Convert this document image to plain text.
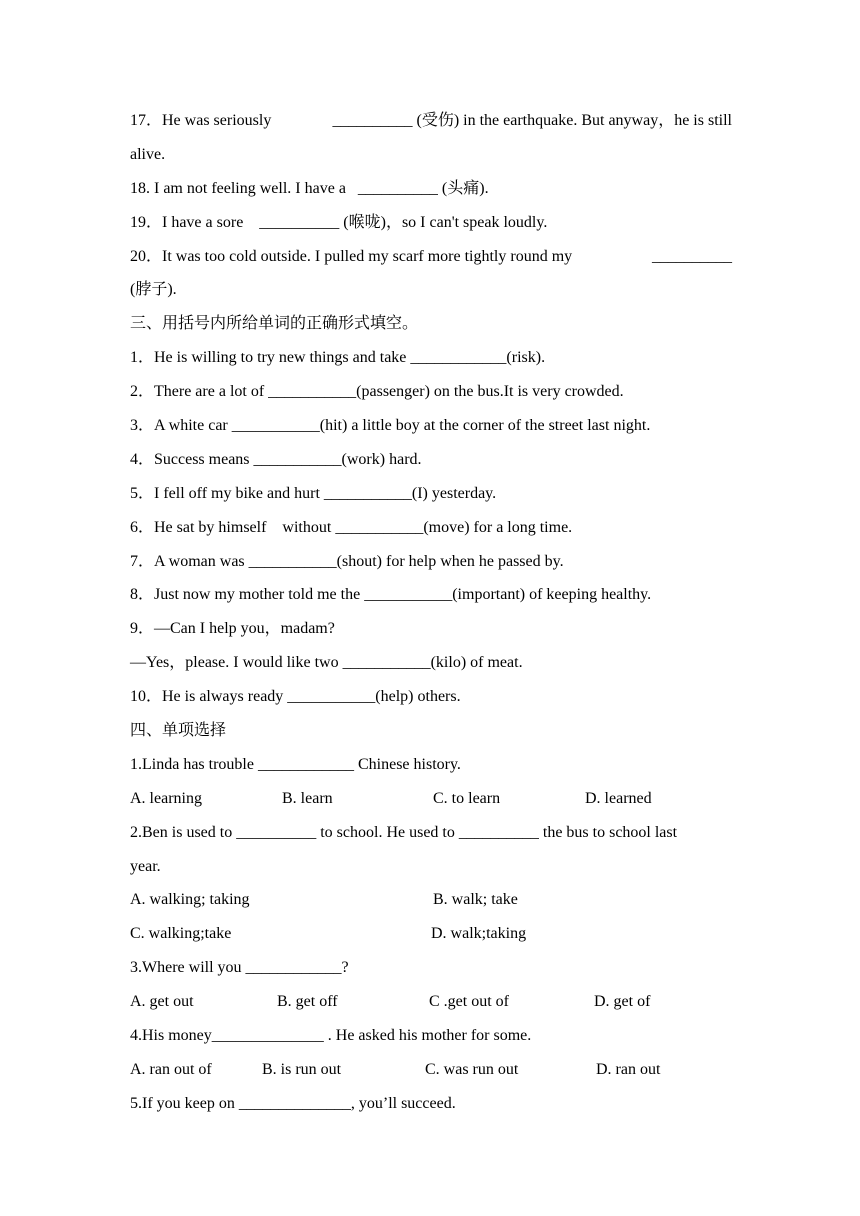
17．He was seriously	__________ (受伤) in the earthquake. But anyway，he is still
alive.
18. I am not feeling well. I have a __________ (头痛).
19．I have a sore __________ (喉咙)，so I can't speak loudly.
20．It was too cold outside. I pulled my scarf more tightly round my	__________
(脖子).
三、用括号内所给单词的正确形式填空。
1．He is willing to try new things and take ____________(risk).
2．There are a lot of ___________(passenger) on the bus.It is very crowded.
3．A white car ___________(hit) a little boy at the corner of the street last night.
4．Success means ___________(work) hard.
5．I fell off my bike and hurt ___________(I) yesterday.
6．He sat by himself    without ___________(move) for a long time.
7．A woman was ___________(shout) for help when he passed by.
8．Just now my mother told me the ___________(important) of keeping healthy.
9．—Can I help you，madam?
—Yes，please. I would like two ___________(kilo) of meat.
10．He is always ready ___________(help) others.
四、单项选择
1.Linda has trouble ____________ Chinese history.
A. learning	B. learn	C. to learn	D. learned
2.Ben is used to __________ to school. He used to __________ the bus to school last
year.
A. walking; taking	B. walk; take
C. walking;take	D. walk;taking
3.Where will you ____________?
A. get out	B. get off	C .get out of	D. get of
4.His money______________ . He asked his mother for some.
A. ran out of	B. is run out	C. was run out	D. ran out
5.If you keep on ______________, you’ll succeed.
